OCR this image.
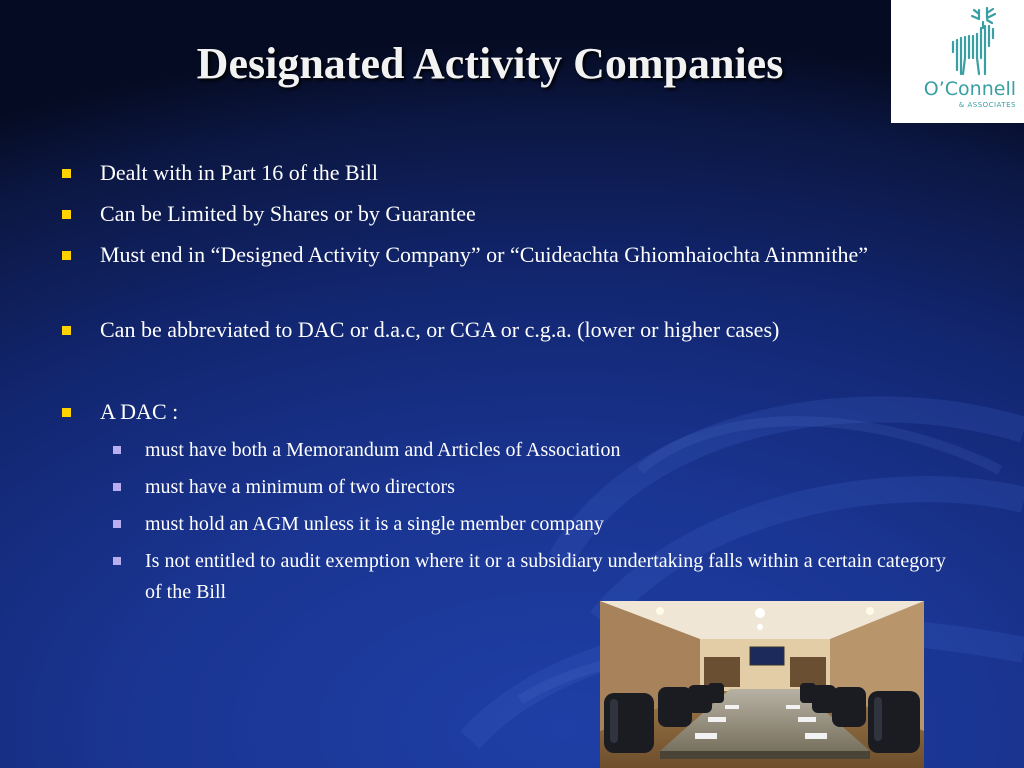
Designated Activity Companies
O’Connell
& ASSOCIATES
Dealt with in Part 16 of the Bill
Can be Limited by Shares or by Guarantee
Must end in “Designed Activity Company” or “Cuideachta Ghiomhaiochta Ainmnithe”
Can be abbreviated to DAC or d.a.c, or CGA or c.g.a. (lower or higher cases)
A DAC :
must have both a Memorandum and Articles of Association
must have a minimum of two directors
must hold an AGM unless it is a single member company
Is not entitled to audit exemption where it or a subsidiary undertaking falls within a certain category of the Bill
